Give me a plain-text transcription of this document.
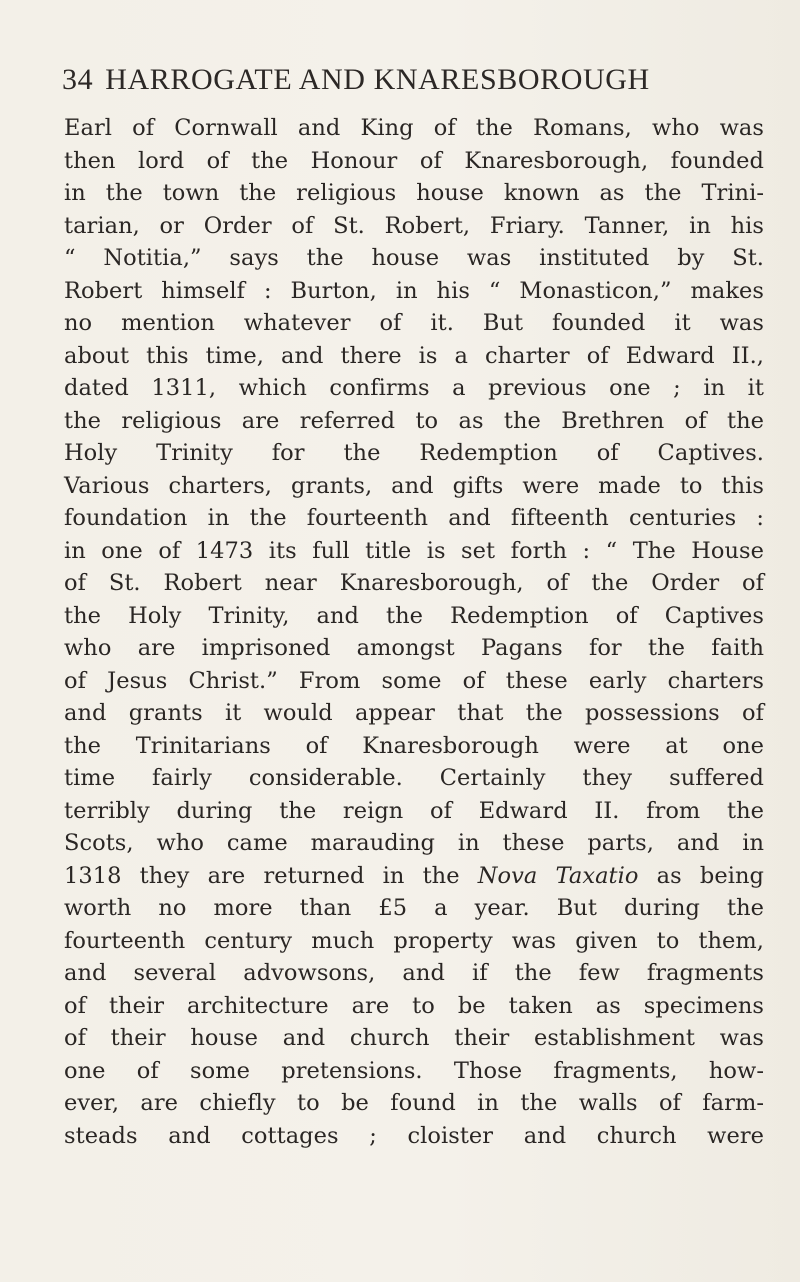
34 HARROGATE AND KNARESBOROUGH
Earl of Cornwall and King of the Romans, who was
then lord of the Honour of Knaresborough, founded
in the town the religious house known as the Trini-
tarian, or Order of St. Robert, Friary. Tanner, in his
“ Notitia,” says the house was instituted by St.
Robert himself : Burton, in his “ Monasticon,” makes
no mention whatever of it. But founded it was
about this time, and there is a charter of Edward II.,
dated 1311, which confirms a previous one ; in it
the religious are referred to as the Brethren of the
Holy Trinity for the Redemption of Captives.
Various charters, grants, and gifts were made to this
foundation in the fourteenth and fifteenth centuries :
in one of 1473 its full title is set forth : “ The House
of St. Robert near Knaresborough, of the Order of
the Holy Trinity, and the Redemption of Captives
who are imprisoned amongst Pagans for the faith
of Jesus Christ.” From some of these early charters
and grants it would appear that the possessions of
the Trinitarians of Knaresborough were at one
time fairly considerable. Certainly they suffered
terribly during the reign of Edward II. from the
Scots, who came marauding in these parts, and in
1318 they are returned in the Nova Taxatio as being
worth no more than £5 a year. But during the
fourteenth century much property was given to them,
and several advowsons, and if the few fragments
of their architecture are to be taken as specimens
of their house and church their establishment was
one of some pretensions. Those fragments, how-
ever, are chiefly to be found in the walls of farm-
steads and cottages ; cloister and church were
